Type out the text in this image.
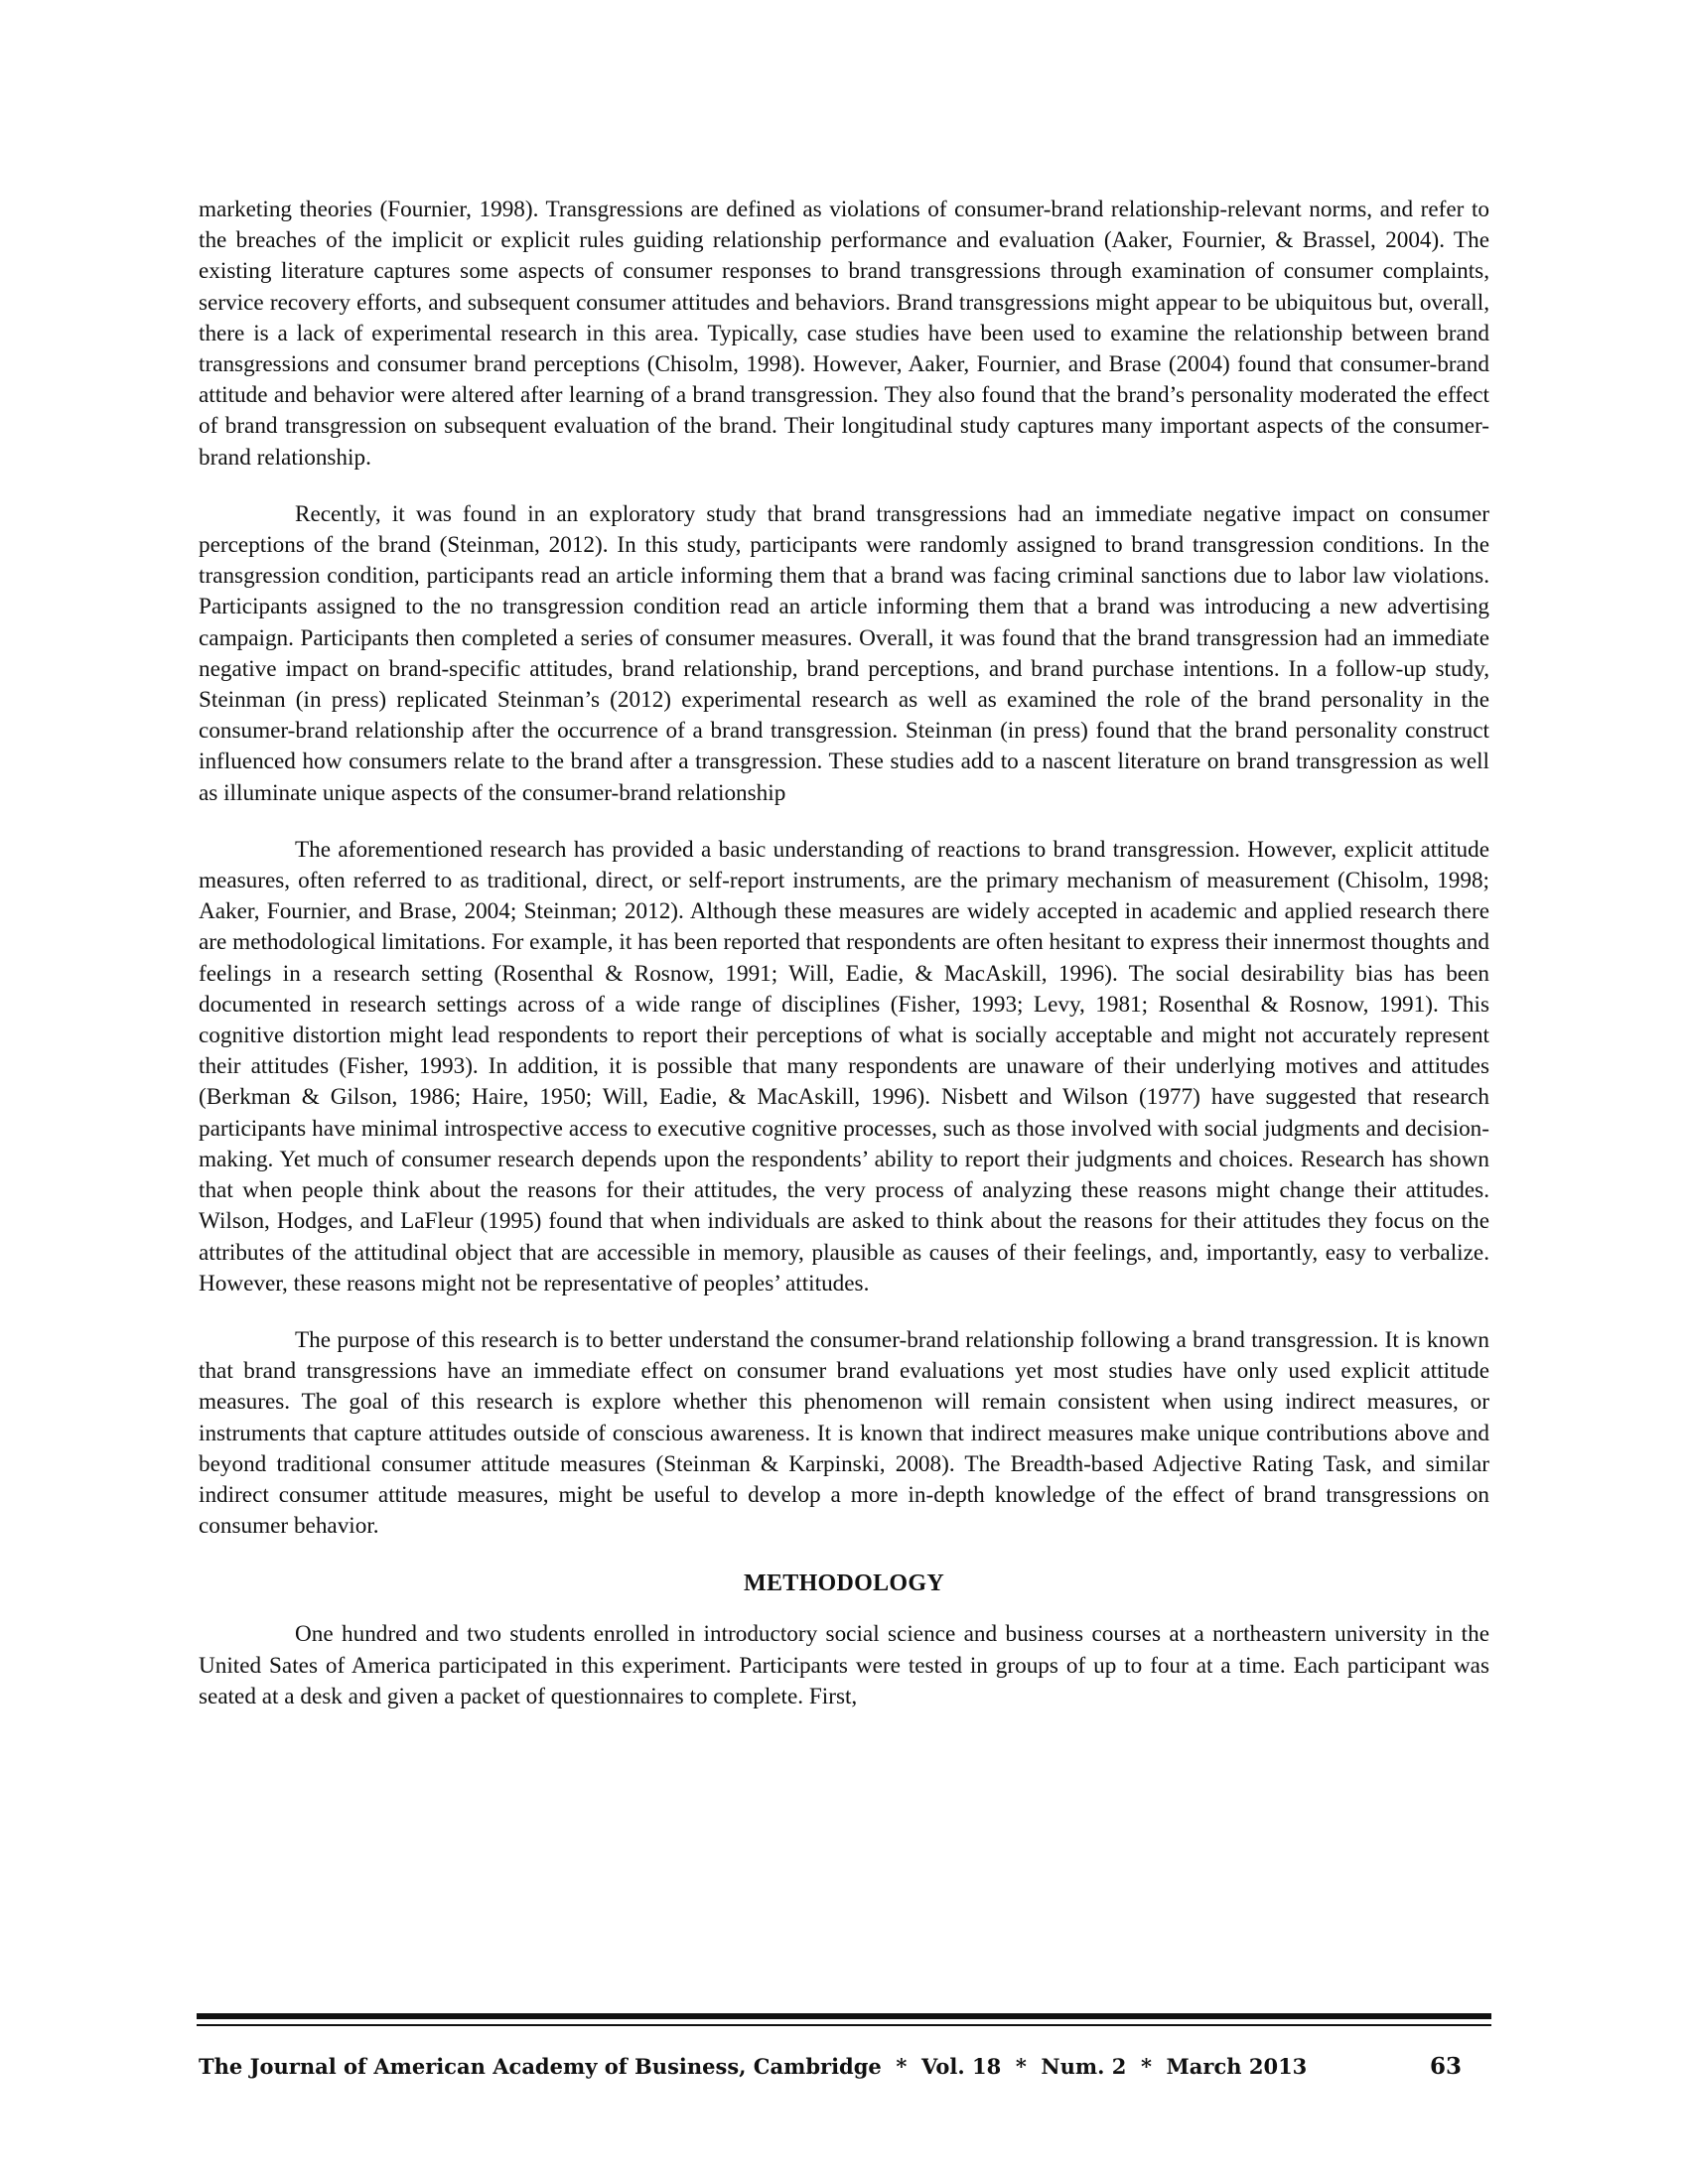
marketing theories (Fournier, 1998). Transgressions are defined as violations of consumer-brand relationship-relevant norms, and refer to the breaches of the implicit or explicit rules guiding relationship performance and evaluation (Aaker, Fournier, & Brassel, 2004). The existing literature captures some aspects of consumer responses to brand transgressions through examination of consumer complaints, service recovery efforts, and subsequent consumer attitudes and behaviors. Brand transgressions might appear to be ubiquitous but, overall, there is a lack of experimental research in this area. Typically, case studies have been used to examine the relationship between brand transgressions and consumer brand perceptions (Chisolm, 1998). However, Aaker, Fournier, and Brase (2004) found that consumer-brand attitude and behavior were altered after learning of a brand transgression. They also found that the brand’s personality moderated the effect of brand transgression on subsequent evaluation of the brand. Their longitudinal study captures many important aspects of the consumer-brand relationship.

Recently, it was found in an exploratory study that brand transgressions had an immediate negative impact on consumer perceptions of the brand (Steinman, 2012). In this study, participants were randomly assigned to brand transgression conditions. In the transgression condition, participants read an article informing them that a brand was facing criminal sanctions due to labor law violations. Participants assigned to the no transgression condition read an article informing them that a brand was introducing a new advertising campaign. Participants then completed a series of consumer measures. Overall, it was found that the brand transgression had an immediate negative impact on brand-specific attitudes, brand relationship, brand perceptions, and brand purchase intentions. In a follow-up study, Steinman (in press) replicated Steinman’s (2012) experimental research as well as examined the role of the brand personality in the consumer-brand relationship after the occurrence of a brand transgression. Steinman (in press) found that the brand personality construct influenced how consumers relate to the brand after a transgression. These studies add to a nascent literature on brand transgression as well as illuminate unique aspects of the consumer-brand relationship

The aforementioned research has provided a basic understanding of reactions to brand transgression. However, explicit attitude measures, often referred to as traditional, direct, or self-report instruments, are the primary mechanism of measurement (Chisolm, 1998; Aaker, Fournier, and Brase, 2004; Steinman; 2012). Although these measures are widely accepted in academic and applied research there are methodological limitations. For example, it has been reported that respondents are often hesitant to express their innermost thoughts and feelings in a research setting (Rosenthal & Rosnow, 1991; Will, Eadie, & MacAskill, 1996). The social desirability bias has been documented in research settings across of a wide range of disciplines (Fisher, 1993; Levy, 1981; Rosenthal & Rosnow, 1991). This cognitive distortion might lead respondents to report their perceptions of what is socially acceptable and might not accurately represent their attitudes (Fisher, 1993). In addition, it is possible that many respondents are unaware of their underlying motives and attitudes (Berkman & Gilson, 1986; Haire, 1950; Will, Eadie, & MacAskill, 1996). Nisbett and Wilson (1977) have suggested that research participants have minimal introspective access to executive cognitive processes, such as those involved with social judgments and decision-making. Yet much of consumer research depends upon the respondents’ ability to report their judgments and choices. Research has shown that when people think about the reasons for their attitudes, the very process of analyzing these reasons might change their attitudes. Wilson, Hodges, and LaFleur (1995) found that when individuals are asked to think about the reasons for their attitudes they focus on the attributes of the attitudinal object that are accessible in memory, plausible as causes of their feelings, and, importantly, easy to verbalize. However, these reasons might not be representative of peoples’ attitudes.

The purpose of this research is to better understand the consumer-brand relationship following a brand transgression. It is known that brand transgressions have an immediate effect on consumer brand evaluations yet most studies have only used explicit attitude measures. The goal of this research is explore whether this phenomenon will remain consistent when using indirect measures, or instruments that capture attitudes outside of conscious awareness. It is known that indirect measures make unique contributions above and beyond traditional consumer attitude measures (Steinman & Karpinski, 2008). The Breadth-based Adjective Rating Task, and similar indirect consumer attitude measures, might be useful to develop a more in-depth knowledge of the effect of brand transgressions on consumer behavior.

METHODOLOGY

One hundred and two students enrolled in introductory social science and business courses at a northeastern university in the United Sates of America participated in this experiment. Participants were tested in groups of up to four at a time. Each participant was seated at a desk and given a packet of questionnaires to complete. First,

The Journal of American Academy of Business, Cambridge  *  Vol. 18  *  Num. 2  *  March 2013	63
